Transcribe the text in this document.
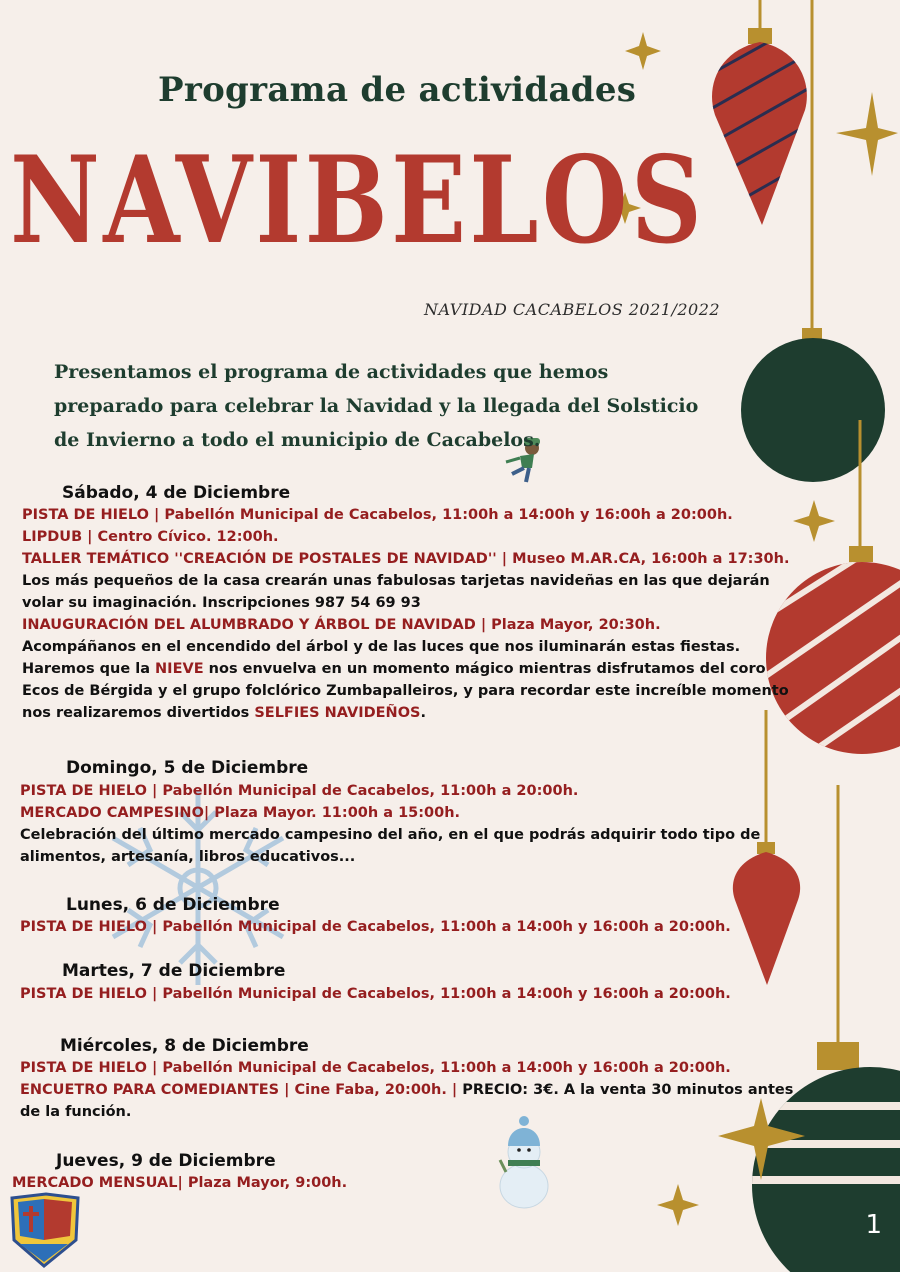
Programa de actividades
NAVIBELOS
NAVIDAD CACABELOS 2021/2022
Presentamos el programa de actividades que hemos preparado para celebrar la Navidad y la llegada del Solsticio de Invierno a todo el municipio de Cacabelos.
Sábado, 4 de Diciembre
PISTA DE HIELO | Pabellón Municipal de Cacabelos, 11:00h a 14:00h y 16:00h a 20:00h.
LIPDUB | Centro Cívico. 12:00h.
TALLER TEMÁTICO ''CREACIÓN DE POSTALES DE NAVIDAD'' | Museo M.AR.CA, 16:00h a 17:30h.
Los más pequeños de la casa crearán unas fabulosas tarjetas navideñas en las que dejarán
volar su imaginación. Inscripciones 987 54 69 93
INAUGURACIÓN DEL ALUMBRADO Y ÁRBOL DE NAVIDAD | Plaza Mayor, 20:30h.
Acompáñanos en el encendido del árbol y de las luces que nos iluminarán estas fiestas.
Haremos que la NIEVE nos envuelva en un momento mágico mientras disfrutamos del coro
Ecos de Bérgida y el grupo folclórico Zumbapalleiros, y para recordar este increíble momento
nos realizaremos divertidos SELFIES NAVIDEÑOS.
Domingo, 5 de Diciembre
PISTA DE HIELO | Pabellón Municipal de Cacabelos, 11:00h a 20:00h.
MERCADO CAMPESINO| Plaza Mayor. 11:00h a 15:00h.
Celebración del último mercado campesino del año, en el que podrás adquirir todo tipo de
alimentos, artesanía, libros educativos...
Lunes, 6 de Diciembre
PISTA DE HIELO | Pabellón Municipal de Cacabelos, 11:00h a 14:00h y 16:00h a 20:00h.
Martes, 7 de Diciembre
PISTA DE HIELO | Pabellón Municipal de Cacabelos, 11:00h a 14:00h y 16:00h a 20:00h.
Miércoles, 8 de Diciembre
PISTA DE HIELO | Pabellón Municipal de Cacabelos, 11:00h a 14:00h y 16:00h a 20:00h.
ENCUETRO PARA COMEDIANTES | Cine Faba, 20:00h. | PRECIO: 3€. A la venta 30 minutos antes
de la función.
Jueves, 9 de Diciembre
MERCADO MENSUAL| Plaza Mayor, 9:00h.
1
